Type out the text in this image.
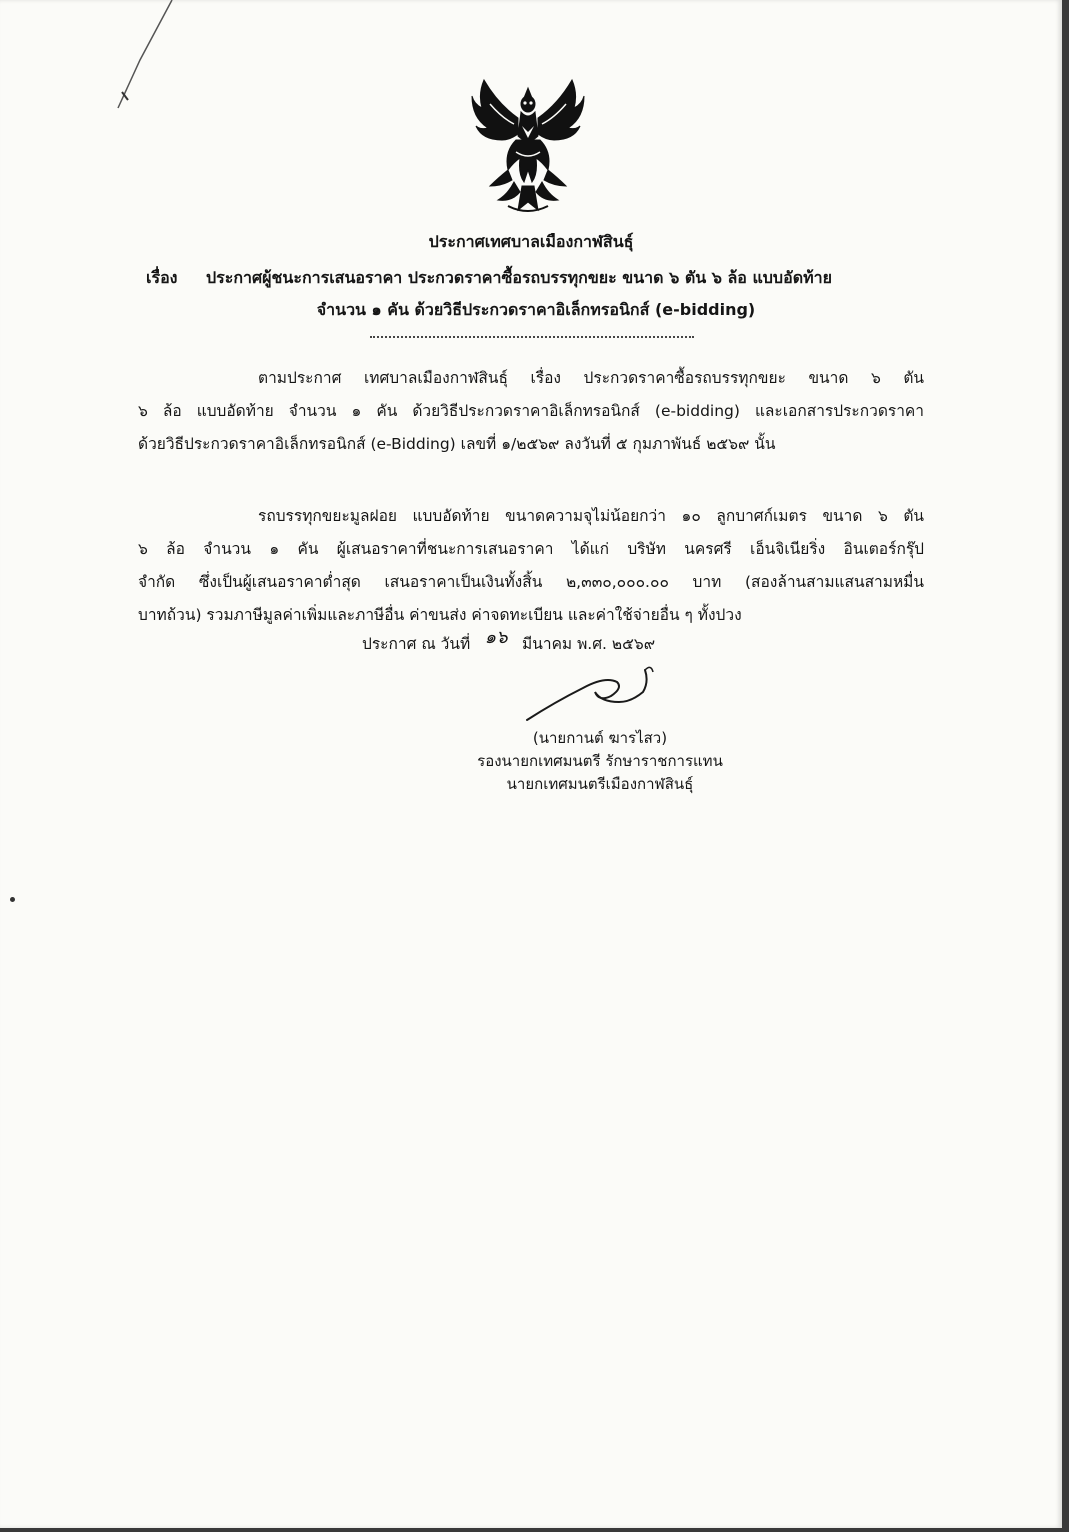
ประกาศเทศบาลเมืองกาฬสินธุ์
เรื่อง ประกาศผู้ชนะการเสนอราคา ประกวดราคาซื้อรถบรรทุกขยะ ขนาด ๖ ตัน ๖ ล้อ แบบอัดท้าย
จำนวน ๑ คัน ด้วยวิธีประกวดราคาอิเล็กทรอนิกส์ (e-bidding)
ตามประกาศ เทศบาลเมืองกาฬสินธุ์ เรื่อง ประกวดราคาซื้อรถบรรทุกขยะ ขนาด ๖ ตัน
๖ ล้อ แบบอัดท้าย จำนวน ๑ คัน ด้วยวิธีประกวดราคาอิเล็กทรอนิกส์ (e-bidding) และเอกสารประกวดราคา
ด้วยวิธีประกวดราคาอิเล็กทรอนิกส์ (e-Bidding) เลขที่ ๑/๒๕๖๙ ลงวันที่ ๕ กุมภาพันธ์ ๒๕๖๙ นั้น
รถบรรทุกขยะมูลฝอย แบบอัดท้าย ขนาดความจุไม่น้อยกว่า ๑๐ ลูกบาศก์เมตร ขนาด ๖ ตัน
๖ ล้อ จำนวน ๑ คัน ผู้เสนอราคาที่ชนะการเสนอราคา ได้แก่ บริษัท นครศรี เอ็นจิเนียริ่ง อินเตอร์กรุ๊ป
จำกัด ซึ่งเป็นผู้เสนอราคาต่ำสุด เสนอราคาเป็นเงินทั้งสิ้น ๒,๓๓๐,๐๐๐.๐๐ บาท (สองล้านสามแสนสามหมื่น
บาทถ้วน) รวมภาษีมูลค่าเพิ่มและภาษีอื่น ค่าขนส่ง ค่าจดทะเบียน และค่าใช้จ่ายอื่น ๆ ทั้งปวง
ประกาศ ณ วันที่ ๑๖ มีนาคม พ.ศ. ๒๕๖๙
(นายกานต์ ฆารไสว)
รองนายกเทศมนตรี รักษาราชการแทน
นายกเทศมนตรีเมืองกาฬสินธุ์
